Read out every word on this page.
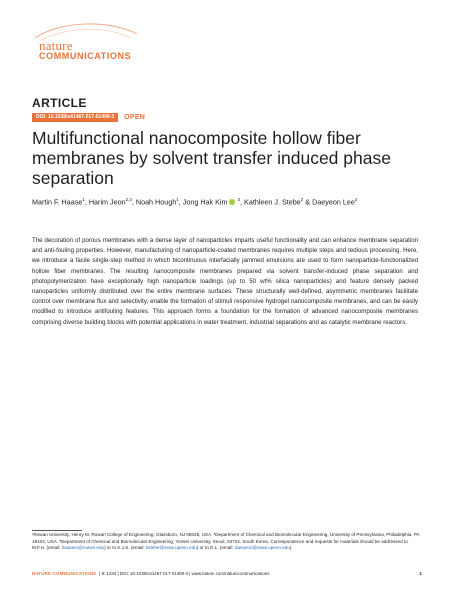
nature
COMMUNICATIONS
ARTICLE
DOI: 10.1038/s41467-017-01409-3	OPEN
Multifunctional nanocomposite hollow fiber membranes by solvent transfer induced phase separation
Martin F. Haase$^1$, Harim Jeon$^{2,3}$, Noah Hough$^1$, Jong Hak Kim $^3$, Kathleen J. Stebe$^2$ & Daeyeon Lee$^2$

The decoration of porous membranes with a dense layer of nanoparticles imparts useful functionality and can enhance membrane separation and anti-fouling properties. However, manufacturing of nanoparticle-coated membranes requires multiple steps and tedious processing. Here, we introduce a facile single-step method in which bicontinuous interfacially jammed emulsions are used to form nanoparticle-functionalized hollow fiber membranes. The resulting nanocomposite membranes prepared via solvent transfer-induced phase separation and photopolymerization have exceptionally high nanoparticle loadings (up to 50 wt% silica nanoparticles) and feature densely packed nanoparticles uniformly distributed over the entire membrane surfaces. These structurally well-defined, asymmetric membranes facilitate control over membrane flux and selectivity, enable the formation of stimuli responsive hydrogel nanocomposite membranes, and can be easily modified to introduce antifouling features. This approach forms a foundation for the formation of advanced nanocomposite membranes comprising diverse building blocks with potential applications in water treatment, industrial separations and as catalytic membrane reactors.

¹Rowan University, Henry M. Rowan College of Engineering, Glassboro, NJ 08028, USA. ²Department of Chemical and Biomolecular Engineering, University of Pennsylvania, Philadelphia, PA 19104, USA. ³Department of Chemical and Biomolecular Engineering, Yonsei University, Seoul, 03722, South Korea. Correspondence and requests for materials should be addressed to M.F.H. (email: haasem@rowan.edu) or to K.J.S. (email: kstebe@seas.upenn.edu) or to D.L. (email: daeyeon@seas.upenn.edu)

NATURE COMMUNICATIONS | 8: 1234 | DOI: 10.1038/s41467-017-01409-3 | www.nature.com/naturecommunications	1
